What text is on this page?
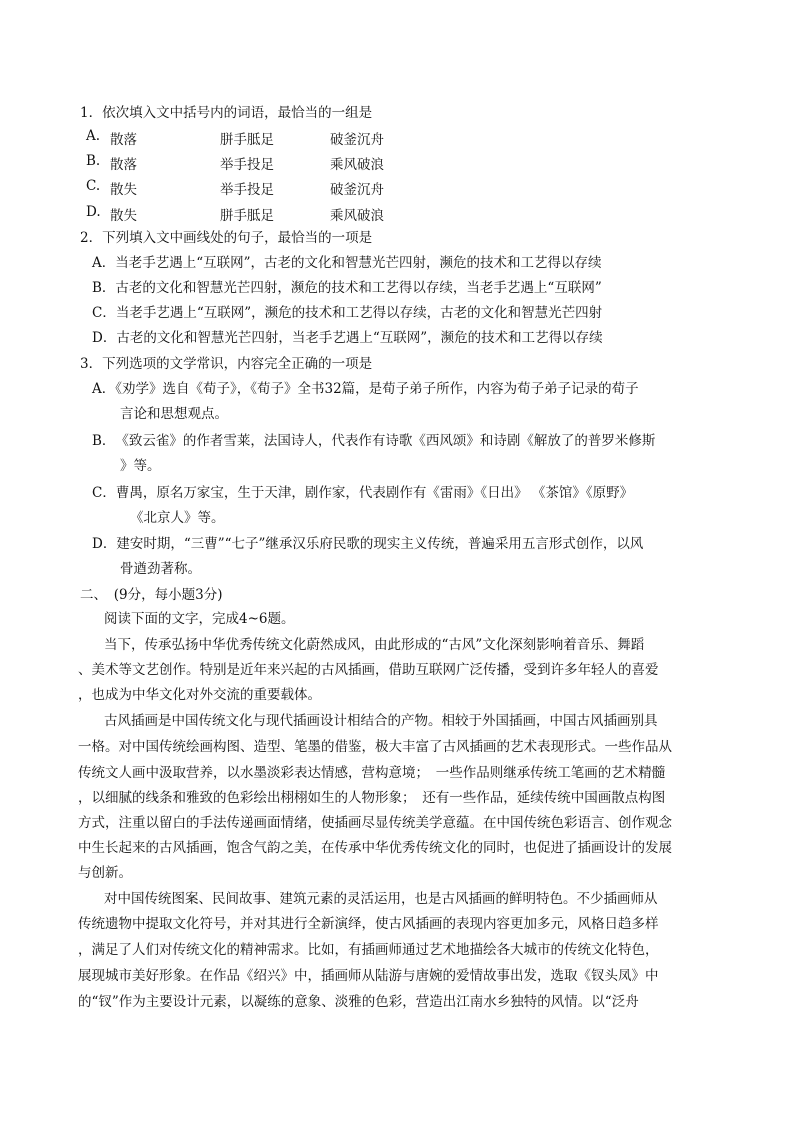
1．依次填入文中括号内的词语，最恰当的一组是
A. 散落	胼手胝足	破釜沉舟
B. 散落	举手投足	乘风破浪
C. 散失	举手投足	破釜沉舟
D. 散失	胼手胝足	乘风破浪
2．下列填入文中画线处的句子，最恰当的一项是
A．当老手艺遇上“互联网”，古老的文化和智慧光芒四射，濒危的技术和工艺得以存续
B．古老的文化和智慧光芒四射，濒危的技术和工艺得以存续，当老手艺遇上“互联网”
C．当老手艺遇上“互联网”，濒危的技术和工艺得以存续，古老的文化和智慧光芒四射
D．古老的文化和智慧光芒四射，当老手艺遇上“互联网”，濒危的技术和工艺得以存续
3．下列选项的文学常识，内容完全正确的一项是
A．《劝学》选自《荀子》，《荀子》全书32篇，是荀子弟子所作，内容为荀子弟子记录的荀子
言论和思想观点。
B．　《致云雀》的作者雪莱，法国诗人，代表作有诗歌《西风颂》和诗剧《解放了的普罗米修斯
》等。
C．曹禺，原名万家宝，生于天津，剧作家，代表剧作有《雷雨》《日出》 《茶馆》《原野》
《北京人》等。
D．建安时期，“三曹”“七子”继承汉乐府民歌的现实主义传统，普遍采用五言形式创作，以风
骨遒劲著称。
二、　(9分，每小题3分)
阅读下面的文字，完成4~6题。
当下，传承弘扬中华优秀传统文化蔚然成风，由此形成的“古风”文化深刻影响着音乐、舞蹈
、美术等文艺创作。特别是近年来兴起的古风插画，借助互联网广泛传播，受到许多年轻人的喜爱
，也成为中华文化对外交流的重要载体。
古风插画是中国传统文化与现代插画设计相结合的产物。相较于外国插画，中国古风插画别具
一格。对中国传统绘画构图、造型、笔墨的借鉴，极大丰富了古风插画的艺术表现形式。一些作品从
传统文人画中汲取营养，以水墨淡彩表达情感，营构意境；　一些作品则继承传统工笔画的艺术精髓
，以细腻的线条和雅致的色彩绘出栩栩如生的人物形象；　还有一些作品，延续传统中国画散点构图
方式，注重以留白的手法传递画面情绪，使插画尽显传统美学意蕴。在中国传统色彩语言、创作观念
中生长起来的古风插画，饱含气韵之美，在传承中华优秀传统文化的同时，也促进了插画设计的发展
与创新。
对中国传统图案、民间故事、建筑元素的灵活运用，也是古风插画的鲜明特色。不少插画师从
传统遗物中提取文化符号，并对其进行全新演绎，使古风插画的表现内容更加多元，风格日趋多样
，满足了人们对传统文化的精神需求。比如，有插画师通过艺术地描绘各大城市的传统文化特色，
展现城市美好形象。在作品《绍兴》中，插画师从陆游与唐婉的爱情故事出发，选取《钗头凤》中
的“钗”作为主要设计元素，以凝练的意象、淡雅的色彩，营造出江南水乡独特的风情。以“泛舟
